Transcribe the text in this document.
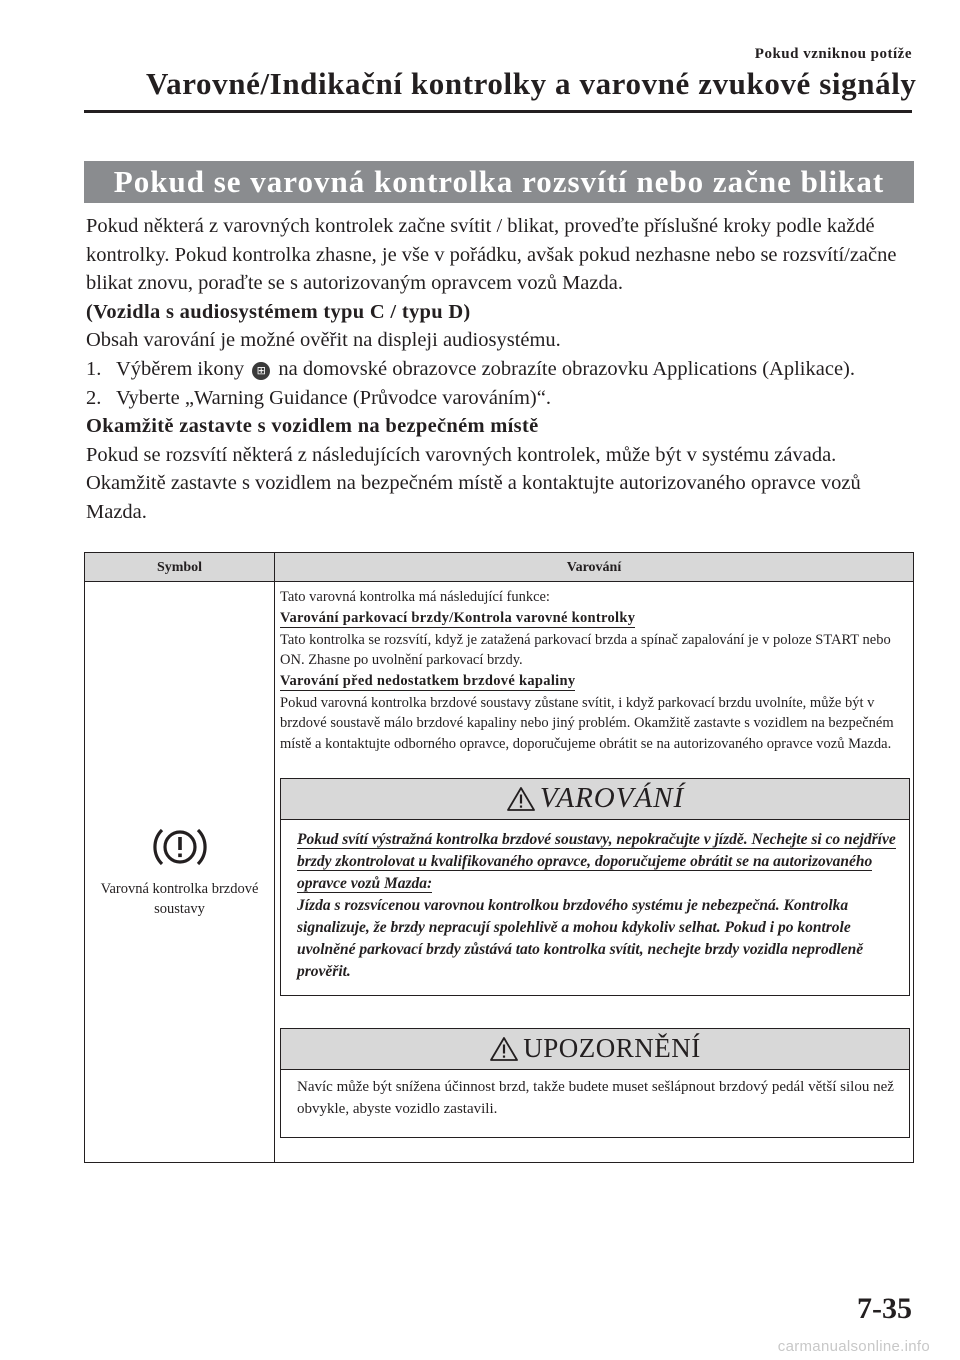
Pokud vzniknou potíže
Varovné/Indikační kontrolky a varovné zvukové signály
Pokud se varovná kontrolka rozsvítí nebo začne blikat

Pokud některá z varovných kontrolek začne svítit / blikat, proveďte příslušné kroky podle každé kontrolky. Pokud kontrolka zhasne, je vše v pořádku, avšak pokud nezhasne nebo se rozsvítí/začne blikat znovu, poraďte se s autorizovaným opravcem vozů Mazda.

(Vozidla s audiosystémem typu C / typu D)

Obsah varování je možné ověřit na displeji audiosystému.

1. Výběrem ikony ⊞ na domovské obrazovce zobrazíte obrazovku Applications (Aplikace).
2. Vyberte „Warning Guidance (Průvodce varováním)“.

Okamžitě zastavte s vozidlem na bezpečném místě

Pokud se rozsvítí některá z následujících varovných kontrolek, může být v systému závada. Okamžitě zastavte s vozidlem na bezpečném místě a kontaktujte autorizovaného opravce vozů Mazda.

Symbol	Varování
Varovná kontrolka brzdové soustavy
Tato varovná kontrolka má následující funkce:
Varování parkovací brzdy/Kontrola varovné kontrolky
Tato kontrolka se rozsvítí, když je zatažená parkovací brzda a spínač zapalování je v poloze START nebo ON. Zhasne po uvolnění parkovací brzdy.
Varování před nedostatkem brzdové kapaliny
Pokud varovná kontrolka brzdové soustavy zůstane svítit, i když parkovací brzdu uvolníte, může být v brzdové soustavě málo brzdové kapaliny nebo jiný problém. Okamžitě zastavte s vozidlem na bezpečném místě a kontaktujte odborného opravce, doporučujeme obrátit se na autorizovaného opravce vozů Mazda.
VAROVÁNÍ
Pokud svítí výstražná kontrolka brzdové soustavy, nepokračujte v jízdě. Nechejte si co nejdříve brzdy zkontrolovat u kvalifikovaného opravce, doporučujeme obrátit se na autorizovaného opravce vozů Mazda:
Jízda s rozsvícenou varovnou kontrolkou brzdového systému je nebezpečná. Kontrolka signalizuje, že brzdy nepracují spolehlivě a mohou kdykoliv selhat. Pokud i po kontrole uvolněné parkovací brzdy zůstává tato kontrolka svítit, nechejte brzdy vozidla neprodleně prověřit.
UPOZORNĚNÍ
Navíc může být snížena účinnost brzd, takže budete muset sešlápnout brzdový pedál větší silou než obvykle, abyste vozidlo zastavili.
7-35
carmanualsonline.info
